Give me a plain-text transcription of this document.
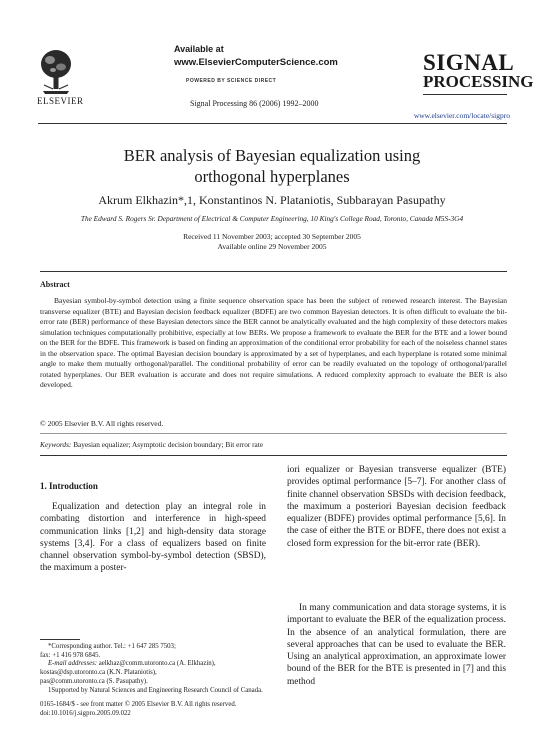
Available at
www.ElsevierComputerScience.com
POWERED BY SCIENCE DIRECT
Signal Processing 86 (2006) 1992–2000
ELSEVIER
SIGNAL
PROCESSING
www.elsevier.com/locate/sigpro
BER analysis of Bayesian equalization using
orthogonal hyperplanes
Akrum Elkhazin*,1, Konstantinos N. Plataniotis, Subbarayan Pasupathy
The Edward S. Rogers Sr. Department of Electrical & Computer Engineering, 10 King's College Road, Toronto, Canada M5S-3G4
Received 11 November 2003; accepted 30 September 2005
Available online 29 November 2005
Abstract
Bayesian symbol-by-symbol detection using a finite sequence observation space has been the subject of renewed research interest. The Bayesian transverse equalizer (BTE) and Bayesian decision feedback equalizer (BDFE) are two common Bayesian detectors. It is often difficult to evaluate the bit-error rate (BER) performance of these Bayesian detectors since the BER cannot be analytically evaluated and the high complexity of these detectors makes simulation techniques computationally prohibitive, especially at low BERs. We propose a framework to evaluate the BER for the BTE and a lower bound on the BER for the BDFE. This framework is based on finding an approximation of the conditional error probability for each of the noiseless channel states in the observation space. The optimal Bayesian decision boundary is approximated by a set of hyperplanes, and each hyperplane is rotated some minimal angle to make them mutually orthogonal/parallel. The conditional probability of error can be readily evaluated on the topology of orthogonal/parallel rotated hyperplanes. Our BER evaluation is accurate and does not require simulations. A reduced complexity approach to evaluate the BER is also developed.
© 2005 Elsevier B.V. All rights reserved.
Keywords: Bayesian equalizer; Asymptotic decision boundary; Bit error rate
1. Introduction
Equalization and detection play an integral role in combating distortion and interference in high-speed communication links [1,2] and high-density data storage systems [3,4]. For a class of equalizers based on finite channel observation symbol-by-symbol detection (SBSD), the maximum a poster-
iori equalizer or Bayesian transverse equalizer (BTE) provides optimal performance [5–7]. For another class of finite channel observation SBSDs with decision feedback, the maximum a posteriori Bayesian decision feedback equalizer (BDFE) provides optimal performance [5,6]. In the case of either the BTE or BDFE, there does not exist a closed form expression for the bit-error rate (BER).
In many communication and data storage systems, it is important to evaluate the BER of the equalization process. In the absence of an analytical formulation, there are several approaches that can be used to evaluate the BER. Using an analytical approximation, an approximate lower bound of the BER for the BTE is presented in [7] and this method
*Corresponding author. Tel.: +1 647 285 7503;
fax: +1 416 978 6845.
E-mail addresses: aelkhaz@comm.utoronto.ca (A. Elkhazin),
kostas@dsp.utoronto.ca (K.N. Plataniotis),
pas@comm.utoronto.ca (S. Pasupathy).
1Supported by Natural Sciences and Engineering Research Council of Canada.
0165-1684/$ - see front matter © 2005 Elsevier B.V. All rights reserved.
doi:10.1016/j.sigpro.2005.09.022
